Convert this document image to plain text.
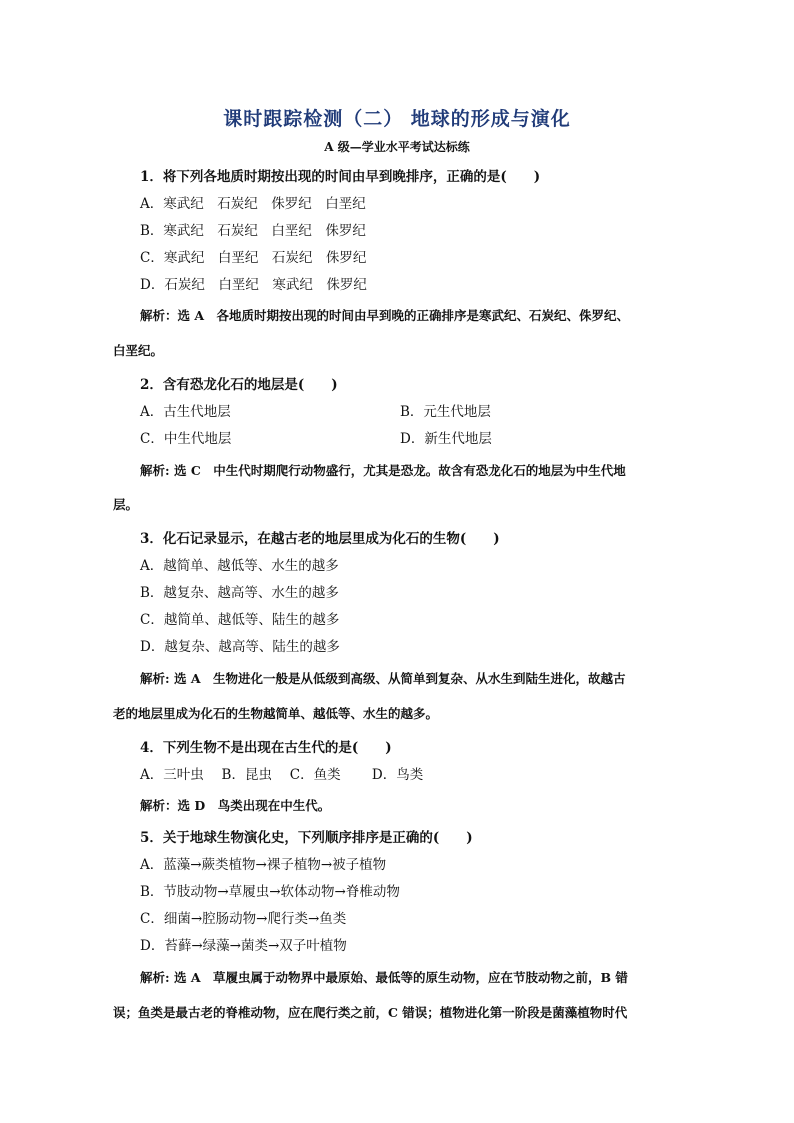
课时跟踪检测（二） 地球的形成与演化
A 级—学业水平考试达标练
1．将下列各地质时期按出现的时间由早到晚排序，正确的是(　　)
A．寒武纪　石炭纪　侏罗纪　白垩纪
B．寒武纪　石炭纪　白垩纪　侏罗纪
C．寒武纪　白垩纪　石炭纪　侏罗纪
D．石炭纪　白垩纪　寒武纪　侏罗纪
解析：选 A　各地质时期按出现的时间由早到晚的正确排序是寒武纪、石炭纪、侏罗纪、
白垩纪。
2．含有恐龙化石的地层是(　　)
A．古生代地层	B．元生代地层
C．中生代地层	D．新生代地层
解析: 选 C　中生代时期爬行动物盛行，尤其是恐龙。故含有恐龙化石的地层为中生代地
层。
3．化石记录显示，在越古老的地层里成为化石的生物(　　)
A．越简单、越低等、水生的越多
B．越复杂、越高等、水生的越多
C．越简单、越低等、陆生的越多
D．越复杂、越高等、陆生的越多
解析: 选 A　生物进化一般是从低级到高级、从简单到复杂、从水生到陆生进化，故越古
老的地层里成为化石的生物越简单、越低等、水生的越多。
4．下列生物不是出现在古生代的是(　　)
A．三叶虫　 B．昆虫　 C．鱼类　　 D．鸟类
解析：选 D　鸟类出现在中生代。
5．关于地球生物演化史，下列顺序排序是正确的(　　)
A．蓝藻→蕨类植物→裸子植物→被子植物
B．节肢动物→草履虫→软体动物→脊椎动物
C．细菌→腔肠动物→爬行类→鱼类
D．苔藓→绿藻→菌类→双子叶植物
解析: 选 A　草履虫属于动物界中最原始、最低等的原生动物，应在节肢动物之前，B 错
误；鱼类是最古老的脊椎动物，应在爬行类之前，C 错误；植物进化第一阶段是菌藻植物时代
